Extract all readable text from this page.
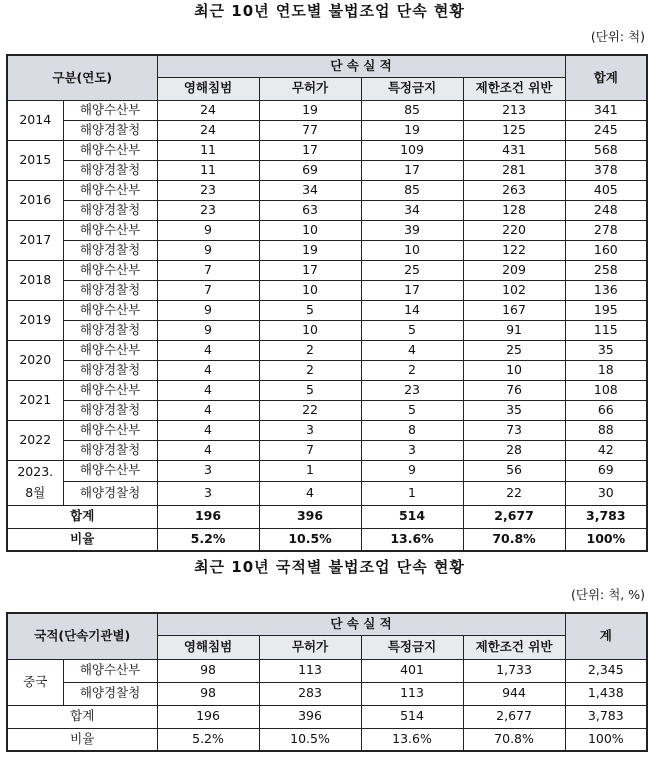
최근 10년 연도별 불법조업 단속 현황
(단위: 척)
구분(연도)		단 속 실 적				합계
		영해침범	무허가	특정금지	제한조건 위반	
2014	해양수산부	24	19	85	213	341
	해양경찰청	24	77	19	125	245
2015	해양수산부	11	17	109	431	568
	해양경찰청	11	69	17	281	378
2016	해양수산부	23	34	85	263	405
	해양경찰청	23	63	34	128	248
2017	해양수산부	9	10	39	220	278
	해양경찰청	9	19	10	122	160
2018	해양수산부	7	17	25	209	258
	해양경찰청	7	10	17	102	136
2019	해양수산부	9	5	14	167	195
	해양경찰청	9	10	5	91	115
2020	해양수산부	4	2	4	25	35
	해양경찰청	4	2	2	10	18
2021	해양수산부	4	5	23	76	108
	해양경찰청	4	22	5	35	66
2022	해양수산부	4	3	8	73	88
	해양경찰청	4	7	3	28	42

2023.
8월	해양수산부	3	1	9	56	69
	해양경찰청	3	4	1	22	30
합계		196	396	514	2,677	3,783
비율		5.2%	10.5%	13.6%	70.8%	100%
최근 10년 국적별 불법조업 단속 현황
(단위: 척, %)
국적(단속기관별)		단 속 실 적				계
		영해침범	무허가	특정금지	제한조건 위반	
중국	해양수산부	98	113	401	1,733	2,345
	해양경찰청	98	283	113	944	1,438
합계		196	396	514	2,677	3,783
비율		5.2%	10.5%	13.6%	70.8%	100%
